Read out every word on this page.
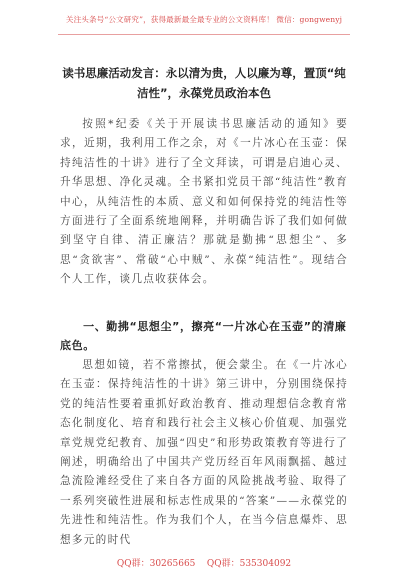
关注头条号“公文研究”，获得最新最全最专业的公文资料库！ 微信：gongwenyj
读书思廉活动发言：永以清为贵，人以廉为尊，置顶“纯洁性”，永葆党员政治本色

按照*纪委《关于开展读书思廉活动的通知》要求，近期，我利用工作之余，对《一片冰心在玉壶：保持纯洁性的十讲》进行了全文拜读，可谓是启迪心灵、升华思想、净化灵魂。全书紧扣党员干部“纯洁性”教育中心，从纯洁性的本质、意义和如何保持党的纯洁性等方面进行了全面系统地阐释，并明确告诉了我们如何做到坚守自律、清正廉洁？那就是勤拂“思想尘”、多思“贪欲害”、常破“心中贼”、永葆“纯洁性”。现结合个人工作，谈几点收获体会。

一、勤拂“思想尘”，擦亮“一片冰心在玉壶”的清廉底色。

思想如镜，若不常擦拭，便会蒙尘。在《一片冰心在玉壶：保持纯洁性的十讲》第三讲中，分别围绕保持党的纯洁性要着重抓好政治教育、推动理想信念教育常态化制度化、培育和践行社会主义核心价值观、加强党章党规党纪教育、加强“四史”和形势政策教育等进行了阐述，明确给出了中国共产党历经百年风雨飘摇、越过急流险滩经受住了来自各方面的风险挑战考验、取得了一系列突破性进展和标志性成果的“答案”——永葆党的先进性和纯洁性。作为我们个人，在当今信息爆炸、思想多元的时代

QQ群：30265665    QQ群：535304092
